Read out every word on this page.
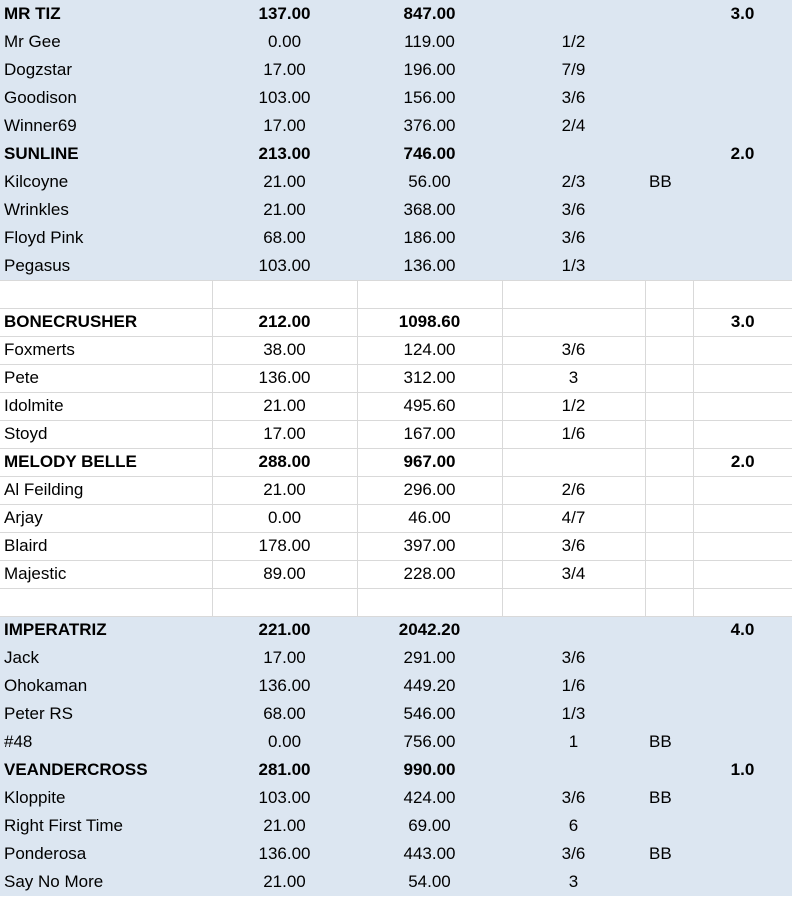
MR TIZ	137.00	847.00			3.0
Mr Gee	0.00	119.00	1/2		
Dogzstar	17.00	196.00	7/9		
Goodison	103.00	156.00	3/6		
Winner69	17.00	376.00	2/4		
SUNLINE	213.00	746.00			2.0
Kilcoyne	21.00	56.00	2/3	BB	
Wrinkles	21.00	368.00	3/6		
Floyd Pink	68.00	186.00	3/6		
Pegasus	103.00	136.00	1/3		

BONECRUSHER	212.00	1098.60			3.0
Foxmerts	38.00	124.00	3/6		
Pete	136.00	312.00	3		
Idolmite	21.00	495.60	1/2		
Stoyd	17.00	167.00	1/6		
MELODY BELLE	288.00	967.00			2.0
Al Feilding	21.00	296.00	2/6		
Arjay	0.00	46.00	4/7		
Blaird	178.00	397.00	3/6		
Majestic	89.00	228.00	3/4		

IMPERATRIZ	221.00	2042.20			4.0
Jack	17.00	291.00	3/6		
Ohokaman	136.00	449.20	1/6		
Peter RS	68.00	546.00	1/3		
#48	0.00	756.00	1	BB	
VEANDERCROSS	281.00	990.00			1.0
Kloppite	103.00	424.00	3/6	BB	
Right First Time	21.00	69.00	6		
Ponderosa	136.00	443.00	3/6	BB	
Say No More	21.00	54.00	3		
